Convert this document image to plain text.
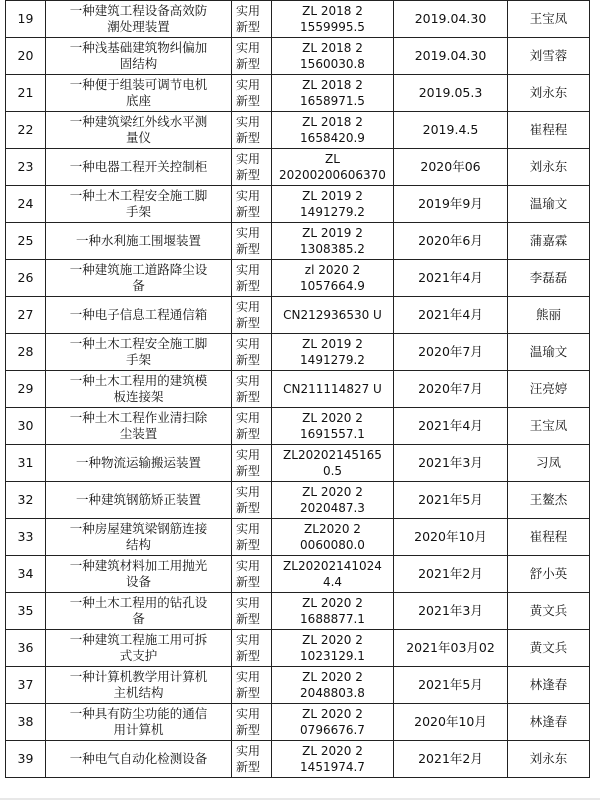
19	一种建筑工程设备高效防
潮处理装置	实用
新型	ZL 2018 2
1559995.5	2019.04.30	王宝凤
20	一种浅基础建筑物纠偏加
固结构	实用
新型	ZL 2018 2
1560030.8	2019.04.30	刘雪蓉
21	一种便于组装可调节电机
底座	实用
新型	ZL 2018 2
1658971.5	2019.05.3	刘永东
22	一种建筑梁红外线水平测
量仪	实用
新型	ZL 2018 2
1658420.9	2019.4.5	崔程程
23	一种电器工程开关控制柜	实用
新型	ZL
20200200606370	2020年06	刘永东
24	一种土木工程安全施工脚
手架	实用
新型	ZL 2019 2
1491279.2	2019年9月	温瑜文
25	一种水利施工围堰装置	实用
新型	ZL 2019 2
1308385.2	2020年6月	蒲嘉霖
26	一种建筑施工道路降尘设
备	实用
新型	zl 2020 2
1057664.9	2021年4月	李磊磊
27	一种电子信息工程通信箱	实用
新型	CN212936530 U	2021年4月	熊丽
28	一种土木工程安全施工脚
手架	实用
新型	ZL 2019 2
1491279.2	2020年7月	温瑜文
29	一种土木工程用的建筑模
板连接架	实用
新型	CN211114827 U	2020年7月	汪亮婷
30	一种土木工程作业清扫除
尘装置	实用
新型	ZL 2020 2
1691557.1	2021年4月	王宝凤
31	一种物流运输搬运装置	实用
新型	ZL20202145165
0.5	2021年3月	习凤
32	一种建筑钢筋矫正装置	实用
新型	ZL 2020 2
2020487.3	2021年5月	王鳌杰
33	一种房屋建筑梁钢筋连接
结构	实用
新型	ZL2020 2
0060080.0	2020年10月	崔程程
34	一种建筑材料加工用抛光
设备	实用
新型	ZL20202141024
4.4	2021年2月	舒小英
35	一种土木工程用的钻孔设
备	实用
新型	ZL 2020 2
1688877.1	2021年3月	黄文兵
36	一种建筑工程施工用可拆
式支护	实用
新型	ZL 2020 2
1023129.1	2021年03月02	黄文兵
37	一种计算机教学用计算机
主机结构	实用
新型	ZL 2020 2
2048803.8	2021年5月	林逢春
38	一种具有防尘功能的通信
用计算机	实用
新型	ZL 2020 2
0796676.7	2020年10月	林逢春
39	一种电气自动化检测设备	实用
新型	ZL 2020 2
1451974.7	2021年2月	刘永东
